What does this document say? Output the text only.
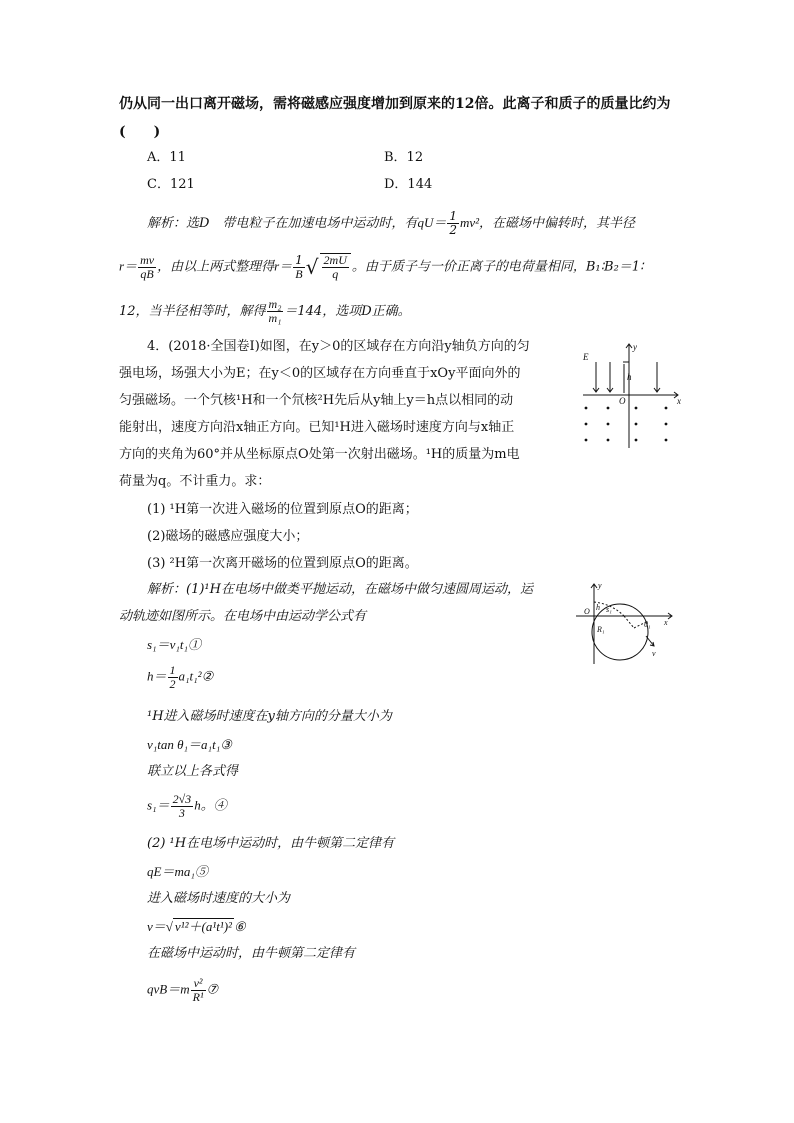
仍从同一出口离开磁场，需将磁感应强度增加到原来的12倍。此离子和质子的质量比约为
(　　)
A．11	B．12
C．121	D．144
解析：选D　带电粒子在加速电场中运动时，有$qU= \frac{1}{2} mv^2$，在磁场中偏转时，其半径
$r= \frac{mv}{qB}$ ，由以上两式整理得$r= \frac{1}{B}$ √ $\frac{2mU}{q}$ 。由于质子与一价正离子的电荷量相同，B₁∶B₂＝1∶
12，当半径相等时，解得 $\frac{\text{m₂}}{\text{m₁}} =144$，选项D正确。
4．(2018·全国卷Ⅰ)如图，在y＞0的区域存在方向沿y轴负方向的匀
强电场，场强大小为E；在y＜0的区域存在方向垂直于xOy平面向外的
匀强磁场。一个氕核¹H和一个氘核²H先后从y轴上y＝h点以相同的动
能射出，速度方向沿x轴正方向。已知¹H进入磁场时速度方向与x轴正
方向的夹角为60°并从坐标原点O处第一次射出磁场。¹H的质量为m电
荷量为q。不计重力。求：
(1) ¹H第一次进入磁场的位置到原点O的距离；
(2)磁场的磁感应强度大小；
(3) ²H第一次离开磁场的位置到原点O的距离。
E
y
h
O	x
解析：(1)¹H在电场中做类平抛运动，在磁场中做匀速圆周运动，运
动轨迹如图所示。在电场中由运动学公式有
y
O h s₁
R₁
θ₁ x
v
s₁＝v₁t₁①
$h= \frac{1}{2}$ a₁t₁²②
¹H进入磁场时速度在y轴方向的分量大小为
v₁tan θ₁＝a₁t₁③
联立以上各式得
$s_1= \frac{2√3}{3}$ h。④
(2) ¹H在电场中运动时，由牛顿第二定律有
qE＝ma₁⑤
进入磁场时速度的大小为
v＝√ v¹²＋(a¹t¹)² ⑥
在磁场中运动时，由牛顿第二定律有
$qvB=m \frac{\text{v²}}{\text{R¹}}$ ⑦
